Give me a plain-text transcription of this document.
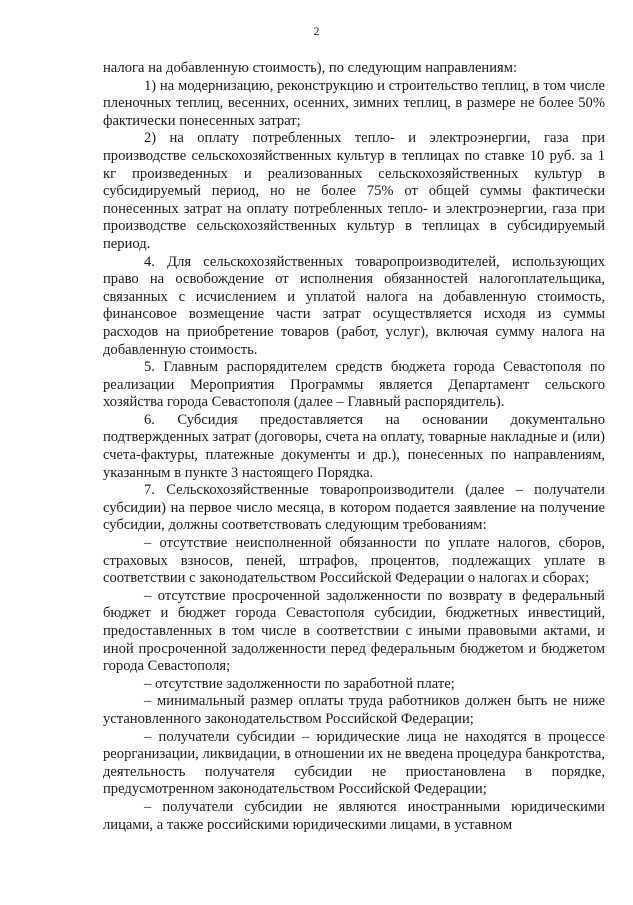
2

налога на добавленную стоимость), по следующим направлениям:

1) на модернизацию, реконструкцию и строительство теплиц, в том числе пленочных теплиц, весенних, осенних, зимних теплиц, в размере не более 50% фактически понесенных затрат;

2) на оплату потребленных тепло- и электроэнергии, газа при производстве сельскохозяйственных культур в теплицах по ставке 10 руб. за 1 кг произведенных и реализованных сельскохозяйственных культур в субсидируемый период, но не более 75% от общей суммы фактически понесенных затрат на оплату потребленных тепло- и электроэнергии, газа при производстве сельскохозяйственных культур в теплицах в субсидируемый период.

4. Для сельскохозяйственных товаропроизводителей, использующих право на освобождение от исполнения обязанностей налогоплательщика, связанных с исчислением и уплатой налога на добавленную стоимость, финансовое возмещение части затрат осуществляется исходя из суммы расходов на приобретение товаров (работ, услуг), включая сумму налога на добавленную стоимость.

5. Главным распорядителем средств бюджета города Севастополя по реализации Мероприятия Программы является Департамент сельского хозяйства города Севастополя (далее – Главный распорядитель).

6. Субсидия предоставляется на основании документально подтвержденных затрат (договоры, счета на оплату, товарные накладные и (или) счета-фактуры, платежные документы и др.), понесенных по направлениям, указанным в пункте 3 настоящего Порядка.

7. Сельскохозяйственные товаропроизводители (далее – получатели субсидии) на первое число месяца, в котором подается заявление на получение субсидии, должны соответствовать следующим требованиям:

– отсутствие неисполненной обязанности по уплате налогов, сборов, страховых взносов, пеней, штрафов, процентов, подлежащих уплате в соответствии с законодательством Российской Федерации о налогах и сборах;

– отсутствие просроченной задолженности по возврату в федеральный бюджет и бюджет города Севастополя субсидии, бюджетных инвестиций, предоставленных в том числе в соответствии с иными правовыми актами, и иной просроченной задолженности перед федеральным бюджетом и бюджетом города Севастополя;

– отсутствие задолженности по заработной плате;

– минимальный размер оплаты труда работников должен быть не ниже установленного законодательством Российской Федерации;

– получатели субсидии – юридические лица не находятся в процессе реорганизации, ликвидации, в отношении их не введена процедура банкротства, деятельность получателя субсидии не приостановлена в порядке, предусмотренном законодательством Российской Федерации;

– получатели субсидии не являются иностранными юридическими лицами, а также российскими юридическими лицами, в уставном
